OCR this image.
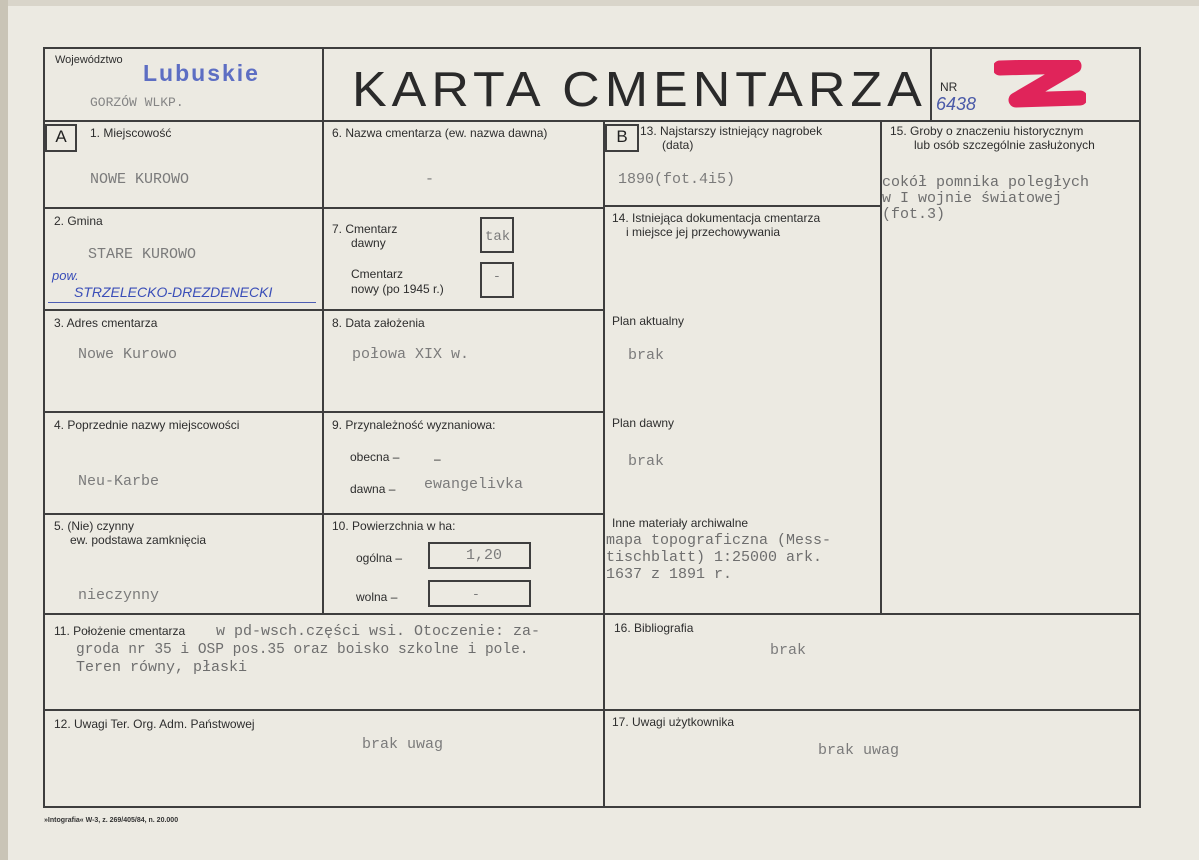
Województwo Lubuskie
GORZÓW WLKP.	KARTA CMENTARZA NR
6438
A	B
1. Miejscowość
NOWE KUROWO
2. Gmina
STARE KUROWO
pow.
STRZELECKO-DREZDENECKI
3. Adres cmentarza
Nowe Kurowo
4. Poprzednie nazwy miejscowości
Neu-Karbe
5. (Nie) czynny
ew. podstawa zamknięcia
nieczynny
6. Nazwa cmentarza (ew. nazwa dawna)
-
7. Cmentarz
dawny	tak
Cmentarz
nowy (po 1945 r.)
-
8. Data założenia
połowa XIX w.
9. Przynależność wyznaniowa:
obecna –	–
dawna – ewangelivka
10. Powierzchnia w ha:
ogólna –	1,20
wolna –	-
13. Najstarszy istniejący nagrobek
(data)
1890(fot.4i5)
14. Istniejąca dokumentacja cmentarza
i miejsce jej przechowywania
Plan aktualny
brak
Plan dawny
brak
Inne materiały archiwalne
mapa topograficzna (Mess-
tischblatt) 1:25000 ark.
1637 z 1891 r.
15. Groby o znaczeniu historycznym
lub osób szczególnie zasłużonych
cokół pomnika poległych
w I wojnie światowej
(fot.3)
11. Położenie cmentarza w pd-wsch.części wsi. Otoczenie: za-
groda nr 35 i OSP pos.35 oraz boisko szkolne i pole.
Teren równy, płaski
16. Bibliografia
brak
12. Uwagi Ter. Org. Adm. Państwowej
brak uwag
17. Uwagi użytkownika
brak uwag
»Intografia« W-3, z. 269/405/84, n. 20.000
